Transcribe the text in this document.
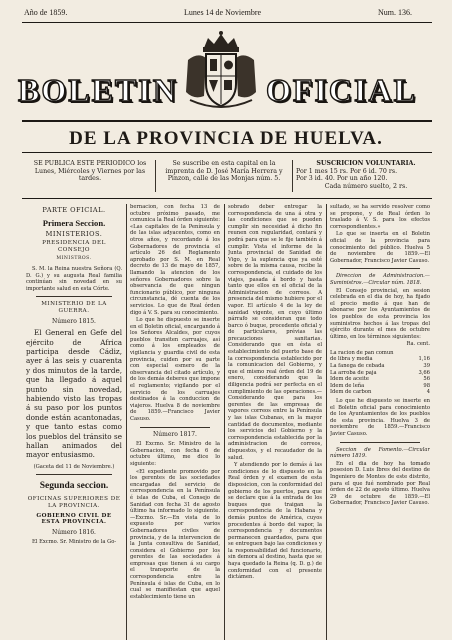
Año de 1859.	Lunes 14 de Noviembre	Num. 136.
BOLETIN	OFICIAL
DE LA PROVINCIA DE HUELVA.
SE PUBLICA ESTE PERIODICO los Lunes, Miércoles y Viernes por las tardes.
Se suscribe en esta capital en la imprenta de D. José María Herrera y Pinzon, calle de las Monjas núm. 5.
SUSCRICION VOLUNTARIA.
Por 1 mes 15 rs. Por 6 id. 70 rs.
Por 3 id. 40. Por un año 120.
Cada número suelto, 2 rs.
PARTE OFICIAL.
Primera Seccion.
MINISTERIOS.
PRESIDENCIA DEL CONSEJO
MINISTROS.

S. M. la Reina nuestra Señora (Q. D. G.) y su augusta Real familia continúan sin novedad en su importante salud en esta Córte.

MINISTERIO DE LA GUERRA.
Número 1815.

El General en Gefe del ejército de Africa participa desde Cádiz, ayer á las seis y cuarenta y dos minutos de la tarde, que ha llegado á aquel punto sin novedad, habiendo visto las tropas á su paso por los puntos donde están acantonadas, y que tanto estas como los pueblos del tránsito se hallan animados del mayor entusiasmo.

(Gaceta del 11 de Noviembre.)
Segunda seccion.
OFICINAS SUPERIORES DE LA PROVINCIA.
GOBIERNO CIVIL DE ESTA PROVINCIA.
Número 1816.

El Excmo. Sr. Ministro de la Go-

bernacion, con fecha 13 de octubre próximo pasado, me comunica la Real órden siguiente: «Las capitales de la Península y de las islas adyacentes, como en otros años, y recordando á los Gobernadores de provincia el artículo 26 del Reglamento aprobado por S. M. en Real decreto de 13 de mayo de 1857, llamando la atencion de los señores Gobernadores sobre la observancia de que ningun funcionario público, por ninguna circunstancia, dé cuenta de los servicios. Lo que de Real órden digo á V. S. para su conocimiento.

Lo que he dispuesto se inserte en el Boletin oficial, encargando á los Señores Alcaldes, por cuyos pueblos transiten carruajes, así como á los empleados de vigilancia y guardia civil de esta provincia, cuiden por su parte con especial esmero de la observancia del citado artículo, y de los demás deberes que impone el reglamento; vigilando por el servicio de los carruajes destinados á la conduccion de viajeros. Huelva 8 de noviembre de 1859.—Francisco Javier Casuso.

Número 1817.

El Excmo. Sr. Ministro de la Gobernacion, con fecha 6 de octubre último, me dice lo siguiente:

«El expediente promovido por los gerentes de las sociedades encargadas del servicio de correspondencia en la Península é islas de Cuba, el Consejo de Sanidad con fecha 31 de agosto último ha informado lo siguiente.—Excmo. Sr.—En vista de lo expuesto por varios Gobernadores civiles de provincia, y de la intervencion de la Junta consultiva de Sanidad, considera el Gobierno por los gerentes de las sociedades á empresas que tienen á su cargo el transporte de la correspondencia entre la Península é islas de Cuba, en lo cual se manifiestan que aquel establecimiento tiene un

sobrado deber entregar la correspondencia de una á otra y las condiciones que se pueden cumplir sin necesidad á dicho fin reunen con regularidad, contará y podrá para que se le fije también á cumplir. Vista el informe de la Junta provincial de Sanidad de Vigo, y la suplencia que ya esté sobre de la misma causa, recibe la correspondencia, el cuidado de los viajes, pasada á bordo y hasta tanto que ellos en el oficial de la Administracion de correos. A presencia del mismo hubiere por el vapor. El artículo 4 de la ley de sanidad vigente, en cuyo último párrafo se consideran que todo barco ó buque, procedente oficial y de particulares, prévias las precauciones sanitarias. Considerando que en ésta el establecimiento del puerto base de la correspondencia establecido por la comunicacion del Gobierno, y que el mismo real órden del 19 de enero, considerando que la diligencia podrá ser perfecta en el cumplimiento de las operaciones.—Considerando que para los gerentes de las empresas de vapores correos entre la Península y las islas Cubanas, en la mayor cantidad de documentos, mediante los servicios del Gobierno y la correspondencia establecida por la administracion de correos, dispuestos, y el recaudador de la salud.

Y atendiendo por lo demás á las condiciones de lo dispuesto en la Real órden y el examen de esta disposicion, con la conformidad del gobierno de los puertos, para que se declare que á la entrada de los buques que traigan la correspondencia de la Habana y demás puntos de América, cuyos procedentes á bordo del vapor, la correspondencia y documentos permanecen guardados, para que se entreguen bajo las condiciones y la responsabilidad del funcionario, sin demora al destino, hasta que se haya quedado la Reina (q. D. g.) de conformidad con el presente dictámen.

sultado, se ha servido resolver como se propone, y de Real órden lo traslado á V. S. para los efectos correspondientes.»

Lo que se inserta en el Boletin oficial de la provincia para conocimiento del público. Huelva 5 de noviembre de 1859.—El Gobernador, Francisco Javier Casuso.

Direccion de Administracion.—Suministros.—Circular núm. 1818.

El Consejo provincial, en sesion celebrada en el dia de hoy, ha fijado el precio medio á que han de abonarse por los Ayuntamientos de los pueblos de esta provincia los suministros hechos á las tropas del ejército durante el mes de octubre último, en los términos siguientes:

Ra. cent.
La racion de pan comun	
de libra y media	1,16
La fanega de cebada	39
La arroba de paja	3,66
Idem de aceite	56
Idem de leña	98
Idem de carbon	4

Lo que he dispuesto se inserte en el Boletin oficial para conocimiento de los Ayuntamientos de los pueblos de esta provincia. Huelva 3 de noviembre de 1859.—Francisco Javier Casuso.

Seccion de Fomento.—Circular número 1819.

En el dia de hoy ha tomado posesion D. Luis Ibres del destino de Ingeniero de Montes de este distrito, para el que fué nombrado por Real órden de 22 de agosto último. Huelva 29 de octubre de 1859.—El Gobernador, Francisco Javier Casuso.
